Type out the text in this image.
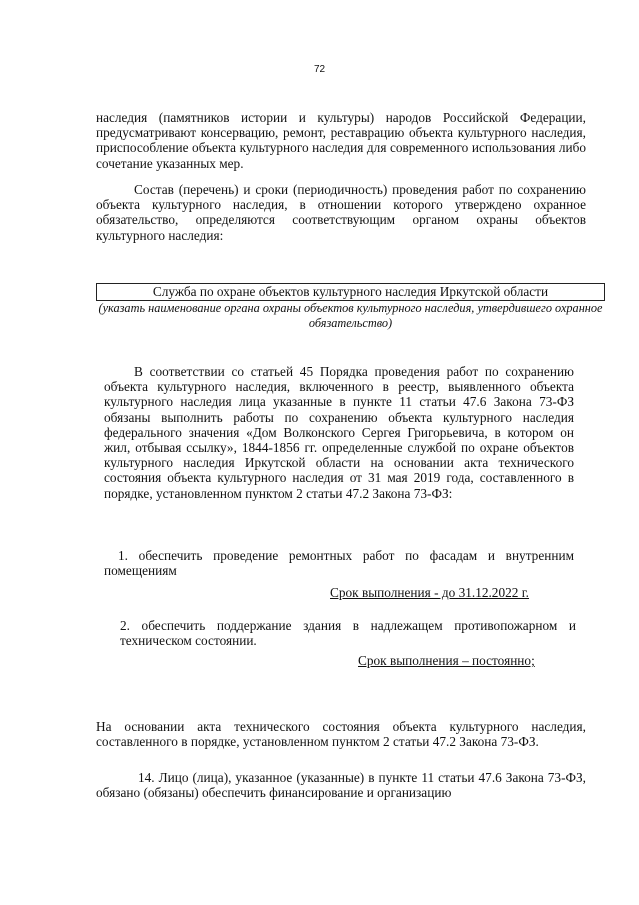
72

наследия (памятников истории и культуры) народов Российской Федерации, предусматривают консервацию, ремонт, реставрацию объекта культурного наследия, приспособление объекта культурного наследия для современного использования либо сочетание указанных мер.

Состав (перечень) и сроки (периодичность) проведения работ по сохранению объекта культурного наследия, в отношении которого утверждено охранное обязательство, определяются соответствующим органом охраны объектов культурного наследия:

Служба по охране объектов культурного наследия Иркутской области

(указать наименование органа охраны объектов культурного наследия, утвердившего охранное обязательство)

В соответствии со статьей 45 Порядка проведения работ по сохранению объекта культурного наследия, включенного в реестр, выявленного объекта культурного наследия лица указанные в пункте 11 статьи 47.6 Закона 73-ФЗ обязаны выполнить работы по сохранению объекта культурного наследия федерального значения «Дом Волконского Сергея Григорьевича, в котором он жил, отбывая ссылку», 1844-1856 гг. определенные службой по охране объектов культурного наследия Иркутской области на основании акта технического состояния объекта культурного наследия от 31 мая 2019 года, составленного в порядке, установленном пунктом 2 статьи 47.2 Закона 73-ФЗ:

1. обеспечить проведение ремонтных работ по фасадам и внутренним помещениям

Срок выполнения - до 31.12.2022 г.

2. обеспечить поддержание здания в надлежащем противопожарном и техническом состоянии.

Срок выполнения – постоянно;

На основании акта технического состояния объекта культурного наследия, составленного в порядке, установленном пунктом 2 статьи 47.2 Закона 73-ФЗ.

14. Лицо (лица), указанное (указанные) в пункте 11 статьи 47.6 Закона 73-ФЗ, обязано (обязаны) обеспечить финансирование и организацию
